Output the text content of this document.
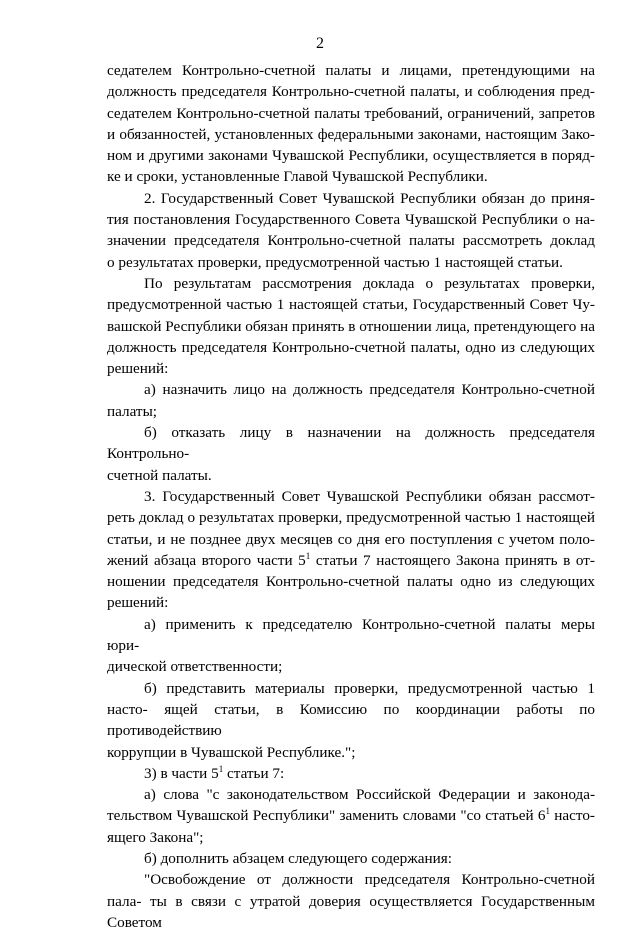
2
седателем Контрольно-счетной палаты и лицами, претендующими на должность председателя Контрольно-счетной палаты, и соблюдения пред- седателем Контрольно-счетной палаты требований, ограничений, запретов и обязанностей, установленных федеральными законами, настоящим Зако- ном и другими законами Чувашской Республики, осуществляется в поряд-
ке и сроки, установленные Главой Чувашской Республики.
2. Государственный Совет Чувашской Республики обязан до приня- тия постановления Государственного Совета Чувашской Республики о на- значении председателя Контрольно-счетной палаты рассмотреть доклад
о результатах проверки, предусмотренной частью 1 настоящей статьи.
По результатам рассмотрения доклада о результатах проверки, предусмотренной частью 1 настоящей статьи, Государственный Совет Чу- вашской Республики обязан принять в отношении лица, претендующего на должность председателя Контрольно-счетной палаты, одно из следующих
решений:
а) назначить лицо на должность председателя Контрольно-счетной
палаты;
б) отказать лицу в назначении на должность председателя Контрольно-
счетной палаты.
3. Государственный Совет Чувашской Республики обязан рассмот- реть доклад о результатах проверки, предусмотренной частью 1 настоящей статьи, и не позднее двух месяцев со дня его поступления с учетом поло- жений абзаца второго части $5^1$ статьи 7 настоящего Закона принять в от- ношении председателя Контрольно-счетной палаты одно из следующих
решений:
а) применить к председателю Контрольно-счетной палаты меры юри-
дической ответственности;
б) представить материалы проверки, предусмотренной частью 1 насто- ящей статьи, в Комиссию по координации работы по противодействию
коррупции в Чувашской Республике.";
3) в части $5^1$ статьи 7:
а) слова "с законодательством Российской Федерации и законода- тельством Чувашской Республики" заменить словами "со статьей $6^1$ насто-
ящего Закона";
б) дополнить абзацем следующего содержания:
"Освобождение от должности председателя Контрольно-счетной пала- ты в связи с утратой доверия осуществляется Государственным Советом
